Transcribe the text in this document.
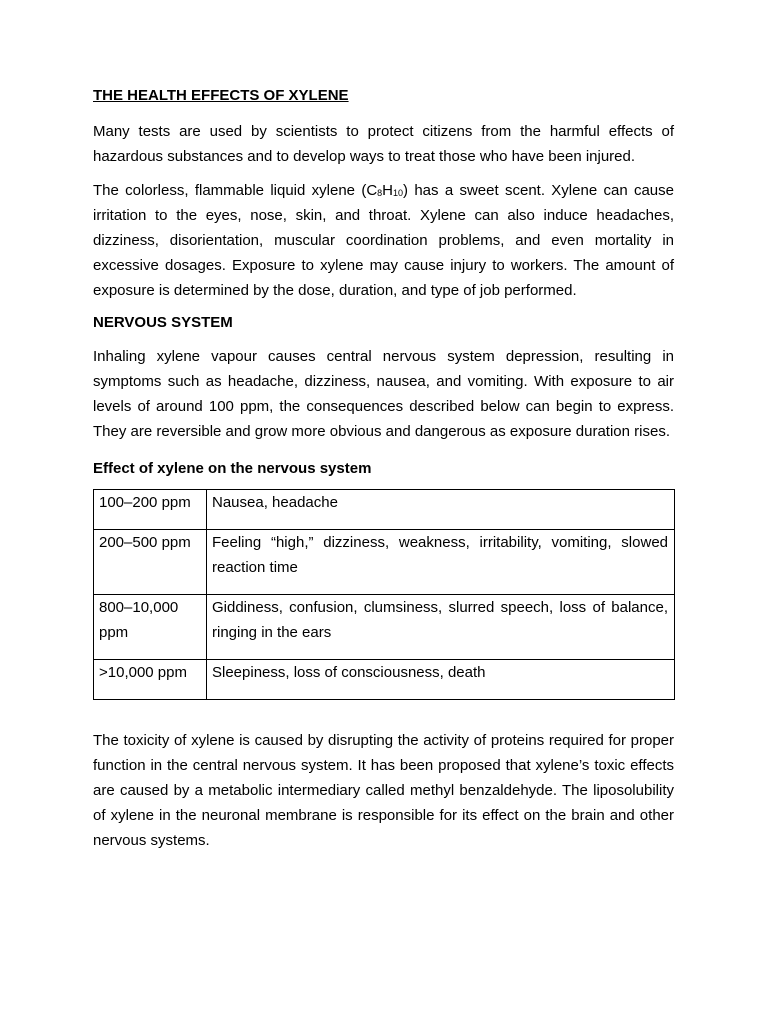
THE HEALTH EFFECTS OF XYLENE

Many tests are used by scientists to protect citizens from the harmful effects of hazardous substances and to develop ways to treat those who have been injured.

The colorless, flammable liquid xylene $(C_8H_{10})$ has a sweet scent. Xylene can cause irritation to the eyes, nose, skin, and throat. Xylene can also induce headaches, dizziness, disorientation, muscular coordination problems, and even mortality in excessive dosages. Exposure to xylene may cause injury to workers. The amount of exposure is determined by the dose, duration, and type of job performed.

NERVOUS SYSTEM

Inhaling xylene vapour causes central nervous system depression, resulting in symptoms such as headache, dizziness, nausea, and vomiting. With exposure to air levels of around 100 ppm, the consequences described below can begin to express. They are reversible and grow more obvious and dangerous as exposure duration rises.

Effect of xylene on the nervous system
100–200 ppm	Nausea, headache
200–500 ppm	Feeling “high,” dizziness, weakness, irritability, vomiting, slowed reaction time
800–10,000 ppm	Giddiness, confusion, clumsiness, slurred speech, loss of balance, ringing in the ears
>10,000 ppm	Sleepiness, loss of consciousness, death

The toxicity of xylene is caused by disrupting the activity of proteins required for proper function in the central nervous system. It has been proposed that xylene’s toxic effects are caused by a metabolic intermediary called methyl benzaldehyde. The liposolubility of xylene in the neuronal membrane is responsible for its effect on the brain and other nervous systems.
